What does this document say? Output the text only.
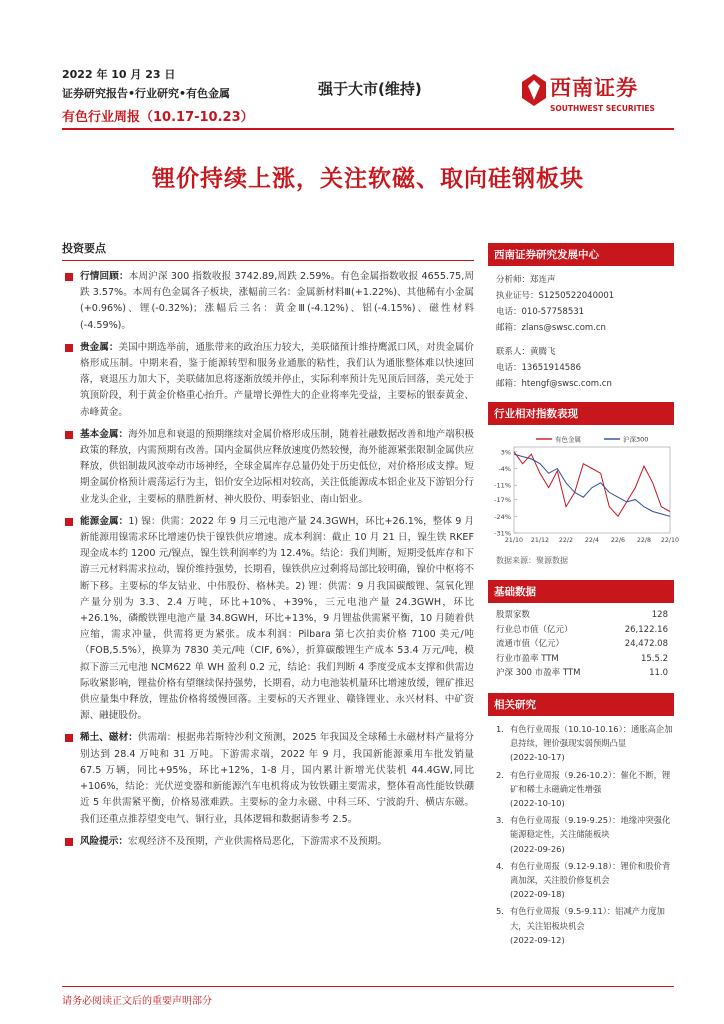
2022 年 10 月 23 日
证券研究报告•行业研究•有色金属
有色行业周报（10.17-10.23）
强于大市(维持)	西南证券
SOUTHWEST SECURITIES
锂价持续上涨，关注软磁、取向硅钢板块
投资要点
行情回顾：本周沪深 300 指数收报 3742.89,周跌 2.59%。有色金属指数收报 4655.75,周跌 3.57%。本周有色金属各子板块，涨幅前三名：金属新材料Ⅲ(+1.22%)、其他稀有小金属(+0.96%)、锂(-0.32%)；涨幅后三名：黄金Ⅲ(-4.12%)、铝(-4.15%)、磁性材料(-4.59%)。
贵金属：美国中期选举前，通胀带来的政治压力较大，美联储预计维持鹰派口风，对贵金属价格形成压制。中期来看，鉴于能源转型和服务业通胀的粘性，我们认为通胀整体难以快速回落，衰退压力加大下，美联储加息将逐渐放缓并停止，实际利率预计先见顶后回落，美元处于筑顶阶段，利于黄金价格重心抬升。产量增长弹性大的企业将率先受益，主要标的银泰黄金、赤峰黄金。
基本金属：海外加息和衰退的预期继续对金属价格形成压制，随着社融数据改善和地产端积极政策的释放，内需预期有改善。国内金属供应释放速度仍然较慢，海外能源紧张限制金属供应释放，供铝制裁风波牵动市场神经，全球金属库存总量仍处于历史低位，对价格形成支撑。短期金属价格预计震荡运行为主，铝价安全边际相对较高，关注低能源成本铝企业及下游铝分行业龙头企业，主要标的鼎胜新材、神火股份、明泰铝业、南山铝业。
能源金属：1) 镍：供需：2022 年 9 月三元电池产量 24.3GWH，环比+26.1%，整体 9 月新能源用镍需求环比增速仍快于镍铁供应增速。成本利润：截止 10 月 21 日，镍生铁 RKEF 现金成本约 1200 元/镍点，镍生铁利润率约为 12.4%。结论：我们判断，短期受低库存和下游三元材料需求拉动，镍价维持强势，长期看，镍铁供应过剩将局部比较明确，镍价中枢将不断下移。主要标的华友钴业、中伟股份、格林美。2) 锂：供需：9 月我国碳酸锂、氢氧化锂产量分别为 3.3、2.4 万吨，环比+10%、+39%，三元电池产量 24.3GWH，环比+26.1%，磷酸铁锂电池产量 34.8GWH，环比+13%，9 月锂盐供需紧平衡，10 月随着供应缩，需求冲量，供需将更为紧张。成本利润：Pilbara 第七次拍卖价格 7100 美元/吨（FOB,5.5%），换算为 7830 美元/吨（CIF, 6%），折算碳酸锂生产成本 53.4 万元/吨，模拟下游三元电池 NCM622 单 WH 盈利 0.2 元，结论：我们判断 4 季度受成本支撑和供需边际收紧影响，锂盐价格有望继续保持强势，长期看，动力电池装机量环比增速放缓，锂矿推迟供应量集中释放，锂盐价格将缓慢回落。主要标的天齐锂业、赣锋锂业、永兴材料、中矿资源、融捷股份。
稀土、磁材：供需端：根据弗若斯特沙利文预测，2025 年我国及全球稀土永磁材料产量将分别达到 28.4 万吨和 31 万吨。下游需求端，2022 年 9 月，我国新能源乘用车批发销量 67.5 万辆，同比+95%，环比+12%，1-8 月，国内累计新增光伏装机 44.4GW,同比+106%，结论：光伏逆变器和新能源汽车电机将成为钕铁硼主要需求，整体看高性能钕铁硼近 5 年供需紧平衡，价格易涨难跌。主要标的金力永磁、中科三环、宁波韵升、横店东磁。我们还重点推荐望变电气、铜行业，具体逻辑和数据请参考 2.5。
风险提示：宏观经济不及预期，产业供需格局恶化，下游需求不及预期。
西南证券研究发展中心
分析师：郑连声
执业证号：S1250522040001
电话：010-57758531
邮箱：zlans@swsc.com.cn
联系人：黄腾飞
电话：13651914586
邮箱：htengf@swsc.com.cn
行业相对指数表现
3%
-4%
-11%
-17%
-24%
-31%
21/10 21/12 22/2 22/4 22/6 22/8 22/10
有色金属	沪深300
数据来源：聚源数据
基础数据
股票家数	128
行业总市值（亿元）	26,122.16
流通市值（亿元）	24,472.08
行业市盈率 TTM	15.5.2
沪深 300 市盈率 TTM	11.0
相关研究
1. 有色行业周报（10.10-10.16）：通胀高企加息持续，锂价强现实弱预期凸显
(2022-10-17)
2. 有色行业周报（9.26-10.2）：催化不断，锂矿和稀土永磁确定性增强
(2022-10-10)
3. 有色行业周报（9.19-9.25）：地缘冲突强化能源稳定性，关注储能板块
(2022-09-26)
4. 有色行业周报（9.12-9.18）：锂价和股价背离加深，关注股价修复机会
(2022-09-18)
5. 有色行业周报（9.5-9.11）：铝减产力度加大，关注铝板块机会
(2022-09-12)
请务必阅读正文后的重要声明部分
